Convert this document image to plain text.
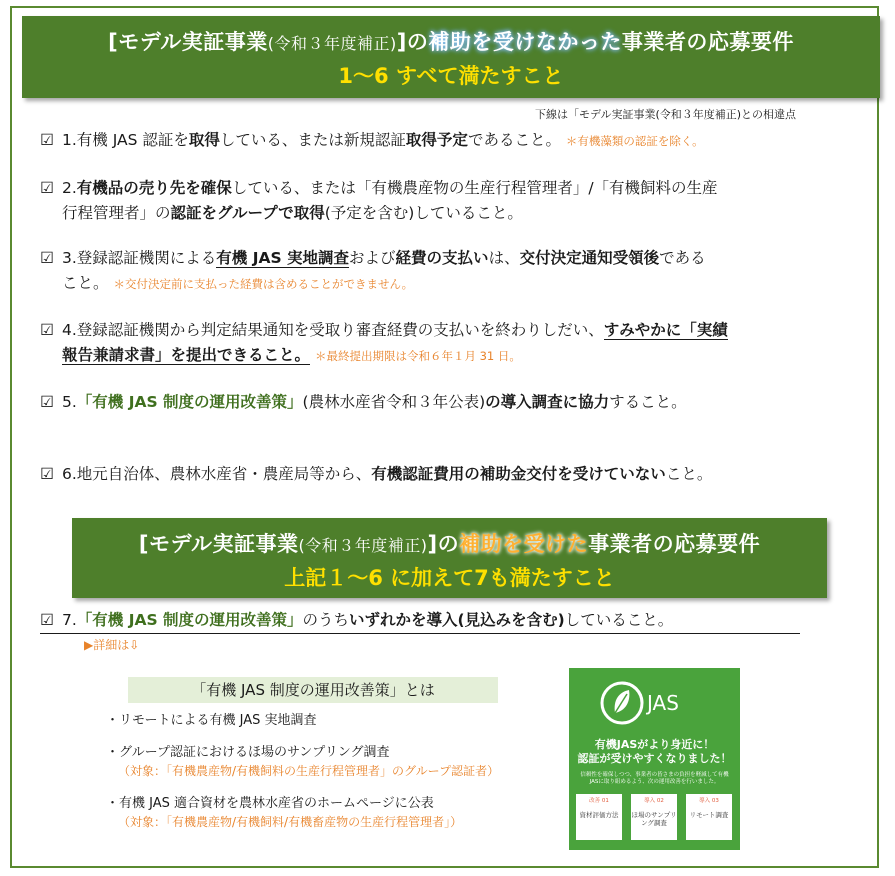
[モデル実証事業(令和３年度補正)]の補助を受けなかった事業者の応募要件
1～6 すべて満たすこと
下線は「モデル実証事業(令和３年度補正)との相違点
☑ 1.有機 JAS 認証を取得している、または新規認証取得予定であること。 ＊有機藻類の認証を除く。
☑ 2.有機品の売り先を確保している、または「有機農産物の生産行程管理者」/「有機飼料の生産
行程管理者」の認証をグループで取得(予定を含む)していること。
☑ 3.登録認証機関による有機 JAS 実地調査および経費の支払いは、交付決定通知受領後である
こと。 ＊交付決定前に支払った経費は含めることができません。
☑ 4.登録認証機関から判定結果通知を受取り審査経費の支払いを終わりしだい、すみやかに「実績
報告兼請求書」を提出できること。 ＊最終提出期限は令和６年１月 31 日。
☑ 5.「有機 JAS 制度の運用改善策」(農林水産省令和３年公表)の導入調査に協力すること。
☑ 6.地元自治体、農林水産省・農産局等から、有機認証費用の補助金交付を受けていないこと。
[モデル実証事業(令和３年度補正)]の補助を受けた事業者の応募要件
上記１～6 に加えて7も満たすこと
☑ 7.「有機 JAS 制度の運用改善策」のうちいずれかを導入(見込みを含む)していること。
▶詳細は⇩
「有機 JAS 制度の運用改善策」とは
・リモートによる有機 JAS 実地調査
・グループ認証におけるほ場のサンプリング調査
（対象：「有機農産物/有機飼料の生産行程管理者」のグループ認証者）
・有機 JAS 適合資材を農林水産省のホームページに公表
（対象：「有機農産物/有機飼料/有機畜産物の生産行程管理者」）
JAS
有機JASがより身近に！
認証が受けやすくなりました！
信頼性を確保しつつ、事業者の皆さまの負担を軽減して有機JASに取り組めるよう、次の運用改善を行いました。
改善 01
資材評価方法
導入 02
ほ場のサンプリング調査
導入 03
リモート調査
